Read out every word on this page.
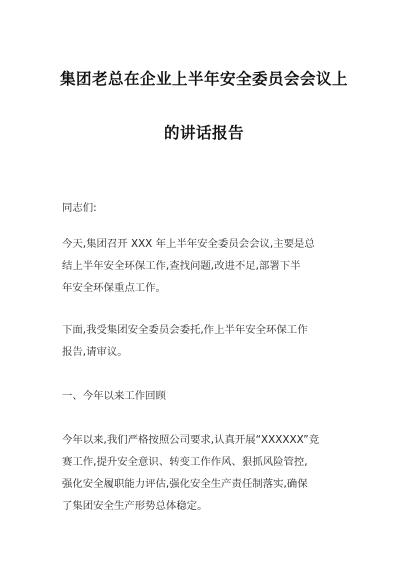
集团老总在企业上半年安全委员会会议上
的讲话报告
同志们:
今天,集团召开 XXX 年上半年安全委员会会议,主要是总
结上半年安全环保工作,查找问题,改进不足,部署下半
年安全环保重点工作。
下面,我受集团安全委员会委托,作上半年安全环保工作
报告,请审议。
一、今年以来工作回顾
今年以来,我们严格按照公司要求,认真开展“XXXXXX”竞
赛工作,提升安全意识、转变工作作风、狠抓风险管控,
强化安全履职能力评估,强化安全生产责任制落实,确保
了集团安全生产形势总体稳定。
